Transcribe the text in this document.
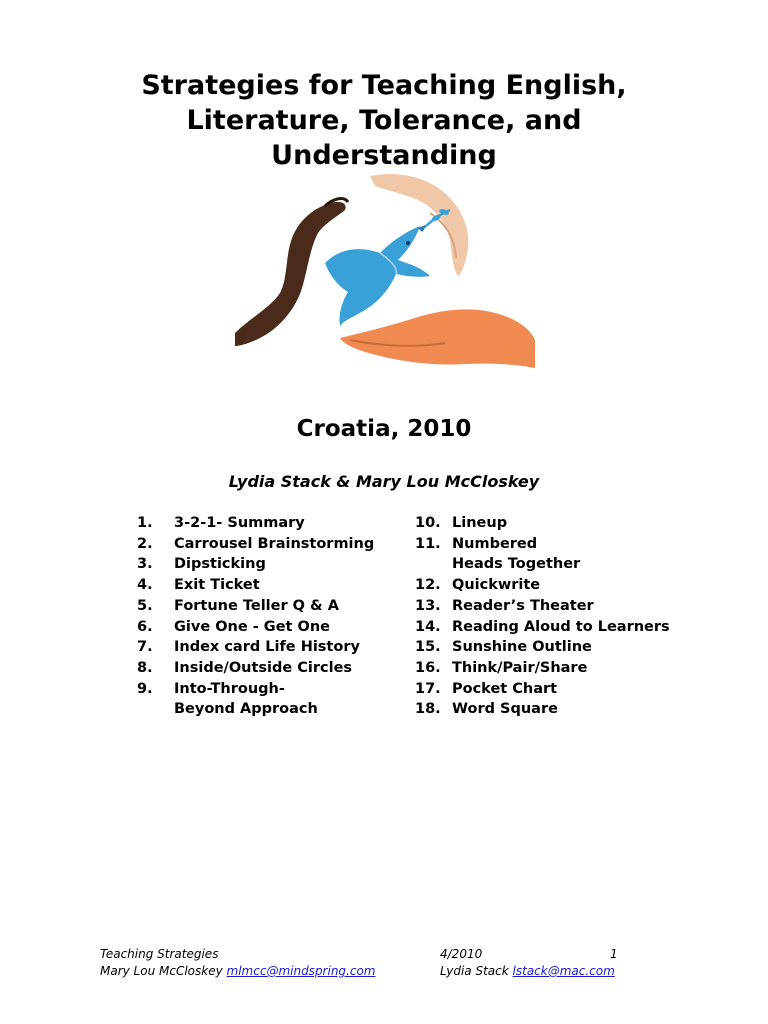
Strategies for Teaching English,
Literature, Tolerance, and
Understanding
Croatia, 2010
Lydia Stack & Mary Lou McCloskey
1.	3-2-1- Summary
2.	Carrousel Brainstorming
3.	Dipsticking
4.	Exit Ticket
5.	Fortune Teller Q & A
6.	Give One - Get One
7.	Index card Life History
8.	Inside/Outside Circles
9.	Into-Through-Beyond Approach
10. Lineup
11. Numbered Heads Together
12. Quickwrite
13. Reader’s Theater
14. Reading Aloud to Learners
15. Sunshine Outline
16. Think/Pair/Share
17. Pocket Chart
18. Word Square
Teaching Strategies	4/2010	1
Mary Lou McCloskey mlmcc@mindspring.com	Lydia Stack lstack@mac.com
